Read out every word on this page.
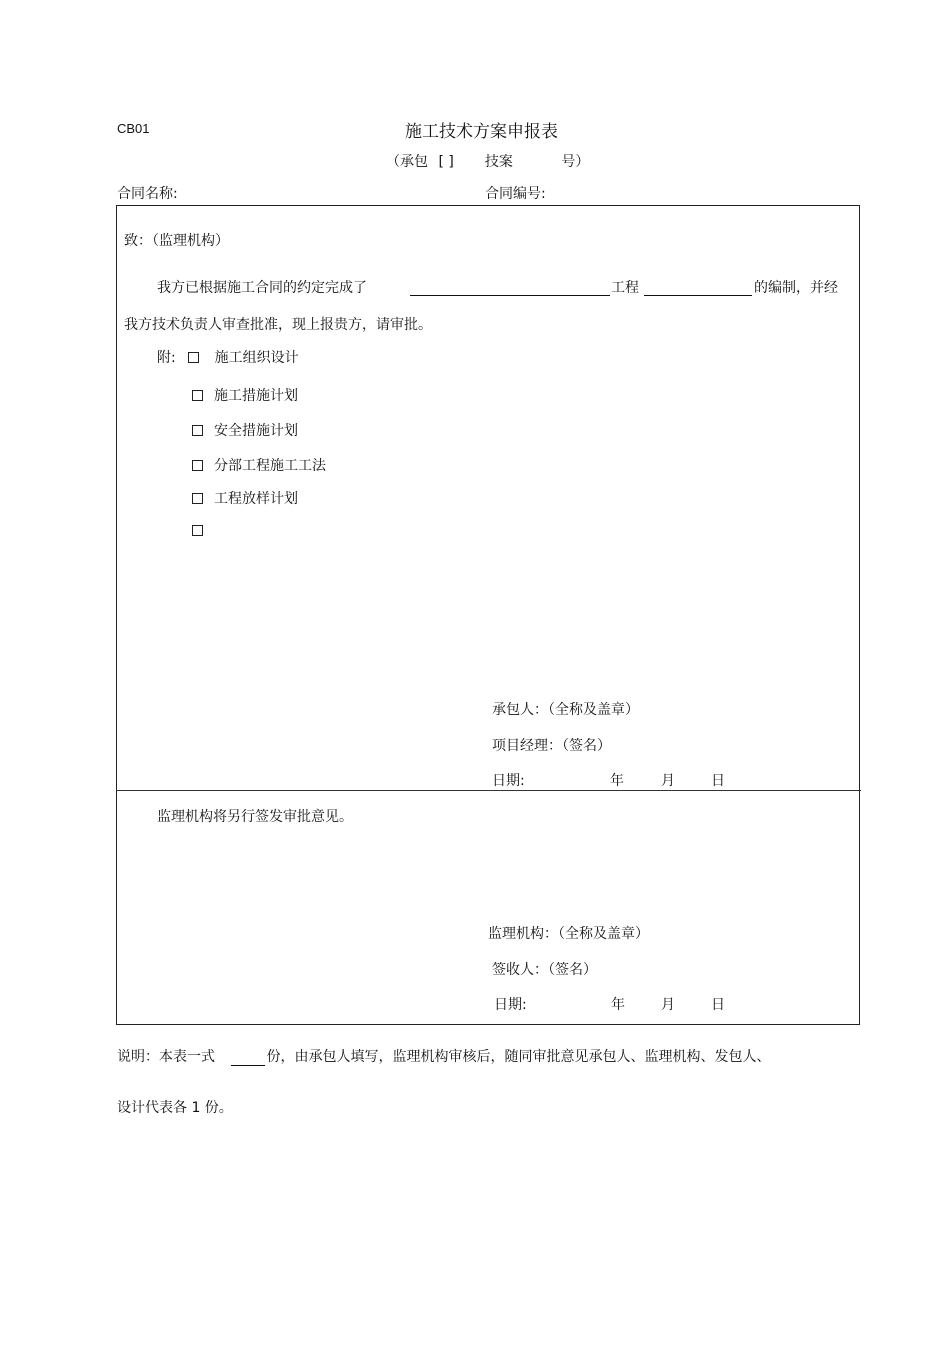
CB01	施工技术方案申报表
（承包 [ ] 技案	号）
合同名称:	合同编号:
致：（监理机构）
我方已根据施工合同的约定完成了	工程	的编制，并经
我方技术负责人审查批准，现上报贵方，请审批。
附:	施工组织设计
施工措施计划
安全措施计划
分部工程施工工法
工程放样计划
承包人：（全称及盖章）
项目经理：（签名）
日期:	年	月	日
监理机构将另行签发审批意见。
监理机构：（全称及盖章）
签收人：（签名）
日期:	年	月	日
说明：本表一式	份，由承包人填写，监理机构审核后，随同审批意见承包人、监理机构、发包人、
设计代表各 1 份。
